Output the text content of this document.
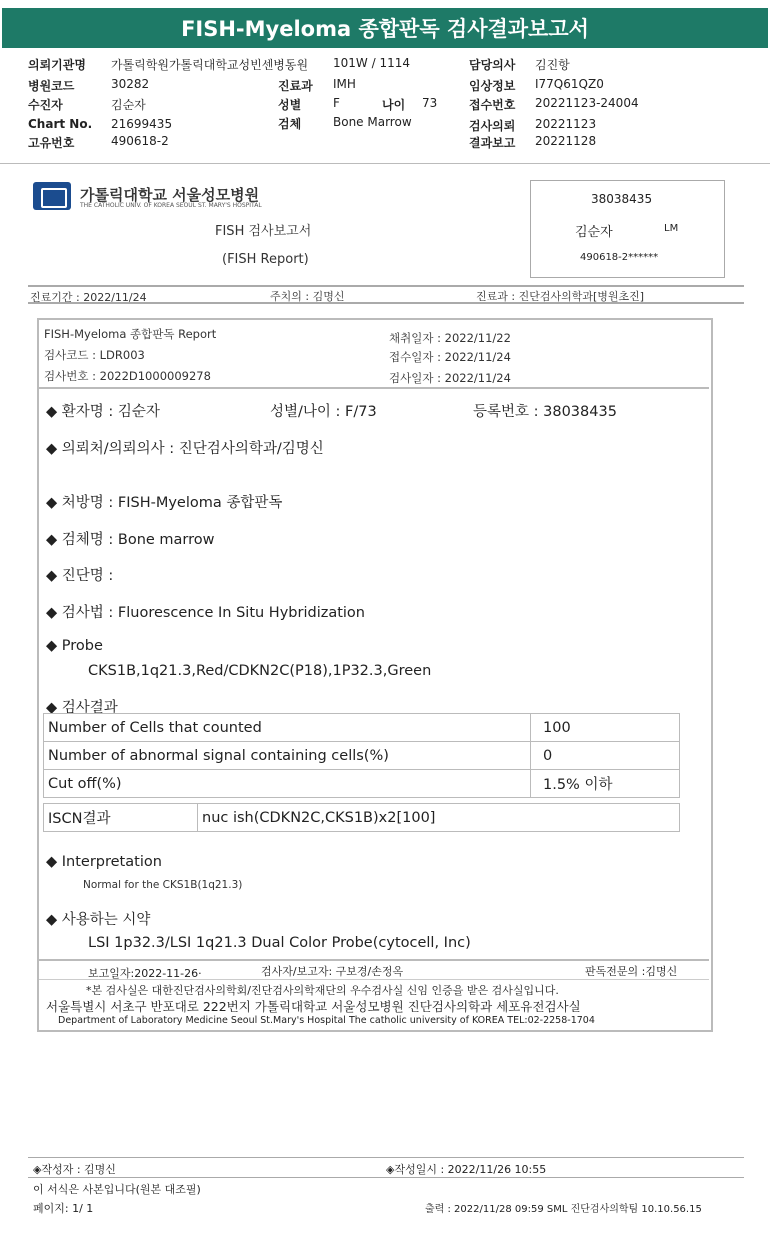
FISH-Myeloma 종합판독 검사결과보고서
의뢰기관명 가톨릭학원가톨릭대학교성빈센병동원
병원코드	30282
수진자	김순자
Chart No. 21699435
고유번호	490618-2
101W / 1114
진료과 IMH
성별	F	나이 73
검체	Bone Marrow
담당의사 김진항
임상정보 I77Q61QZ0
접수번호 20221123-24004
검사의뢰 20221123
결과보고 20221128
가톨릭대학교 서울성모병원
THE CATHOLIC UNIV. OF KOREA SEOUL ST. MARY'S HOSPITAL
FISH 검사보고서
(FISH Report)
38038435
김순자	LM
490618-2******
진료기간 : 2022/11/24	주치의 : 김명신	진료과 : 진단검사의학과[병원초진]
FISH-Myeloma 종합판독 Report
검사코드 : LDR003
검사번호 : 2022D1000009278
채취일자 : 2022/11/22
접수일자 : 2022/11/24
검사일자 : 2022/11/24
◆ 환자명 : 김순자	성별/나이 : F/73	등록번호 : 38038435
◆ 의뢰처/의뢰의사 : 진단검사의학과/김명신
◆ 처방명 : FISH-Myeloma 종합판독
◆ 검체명 : Bone marrow
◆ 진단명 :
◆ 검사법 : Fluorescence In Situ Hybridization
◆ Probe
CKS1B,1q21.3,Red/CDKN2C(P18),1P32.3,Green
◆ 검사결과
Number of Cells that counted	100
Number of abnormal signal containing cells(%)	0
Cut off(%)	1.5% 이하
ISCN결과	nuc ish(CDKN2C,CKS1B)x2[100]
◆ Interpretation
Normal for the CKS1B(1q21.3)
◆ 사용하는 시약
LSI 1p32.3/LSI 1q21.3 Dual Color Probe(cytocell, Inc)
보고일자:2022-11-26·	검사자/보고자: 구보경/손정옥	판독전문의 :김명신
*본 검사실은 대한진단검사의학회/진단검사의학재단의 우수검사실 신임 인증을 받은 검사실입니다.
서울특별시 서초구 반포대로 222번지 가톨릭대학교 서울성모병원 진단검사의학과 세포유전검사실
Department of Laboratory Medicine Seoul St.Mary's Hospital The catholic university of KOREA TEL:02-2258-1704
◈작성자 : 김명신	◈작성일시 : 2022/11/26 10:55
이 서식은 사본입니다(원본 대조필)
페이지: 1/ 1	출력 : 2022/11/28 09:59 SML 진단검사의학팀 10.10.56.15
